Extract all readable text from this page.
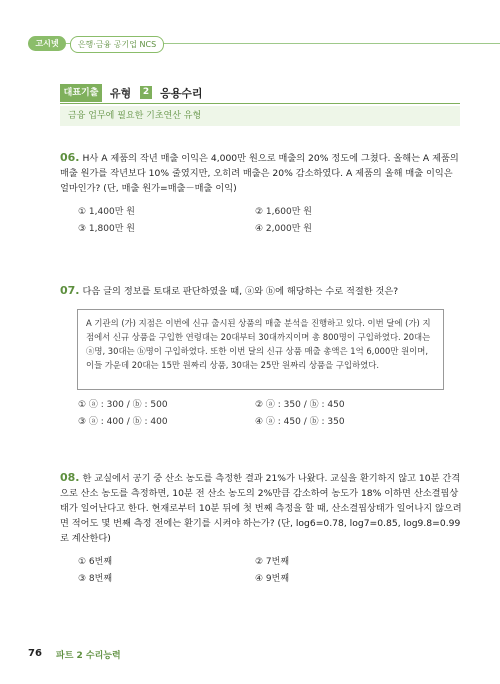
고시넷	은행·금융 공기업 NCS
대표기출	유형	2 응용수리
금융 업무에 필요한 기초연산 유형
06. H사 A 제품의 작년 매출 이익은 4,000만 원으로 매출의 20% 정도에 그쳤다. 올해는 A 제품의 매출 원가를 작년보다 10% 줄였지만, 오히려 매출은 20% 감소하였다. A 제품의 올해 매출 이익은 얼마인가? (단, 매출 원가=매출－매출 이익)
① 1,400만 원	② 1,600만 원
③ 1,800만 원	④ 2,000만 원
07. 다음 글의 정보를 토대로 판단하였을 때, ⓐ와 ⓑ에 해당하는 수로 적절한 것은?
A 기관의 (가) 지점은 이번에 신규 출시된 상품의 매출 분석을 진행하고 있다. 이번 달에 (가) 지점에서 신규 상품을 구입한 연령대는 20대부터 30대까지이며 총 800명이 구입하였다. 20대는 ⓐ명, 30대는 ⓑ명이 구입하였다. 또한 이번 달의 신규 상품 매출 총액은 1억 6,000만 원이며, 이들 가운데 20대는 15만 원짜리 상품, 30대는 25만 원짜리 상품을 구입하였다.
① ⓐ : 300 / ⓑ : 500	② ⓐ : 350 / ⓑ : 450
③ ⓐ : 400 / ⓑ : 400	④ ⓐ : 450 / ⓑ : 350
08. 한 교실에서 공기 중 산소 농도를 측정한 결과 21%가 나왔다. 교실을 환기하지 않고 10분 간격으로 산소 농도를 측정하면, 10분 전 산소 농도의 2%만큼 감소하여 농도가 18% 이하면 산소결핍상태가 일어난다고 한다. 현재로부터 10분 뒤에 첫 번째 측정을 할 때, 산소결핍상태가 일어나지 않으려면 적어도 몇 번째 측정 전에는 환기를 시켜야 하는가? (단, log6=0.78, log7=0.85, log9.8=0.99로 계산한다)
① 6번째	② 7번째
③ 8번째	④ 9번째
76 파트 2 수리능력
